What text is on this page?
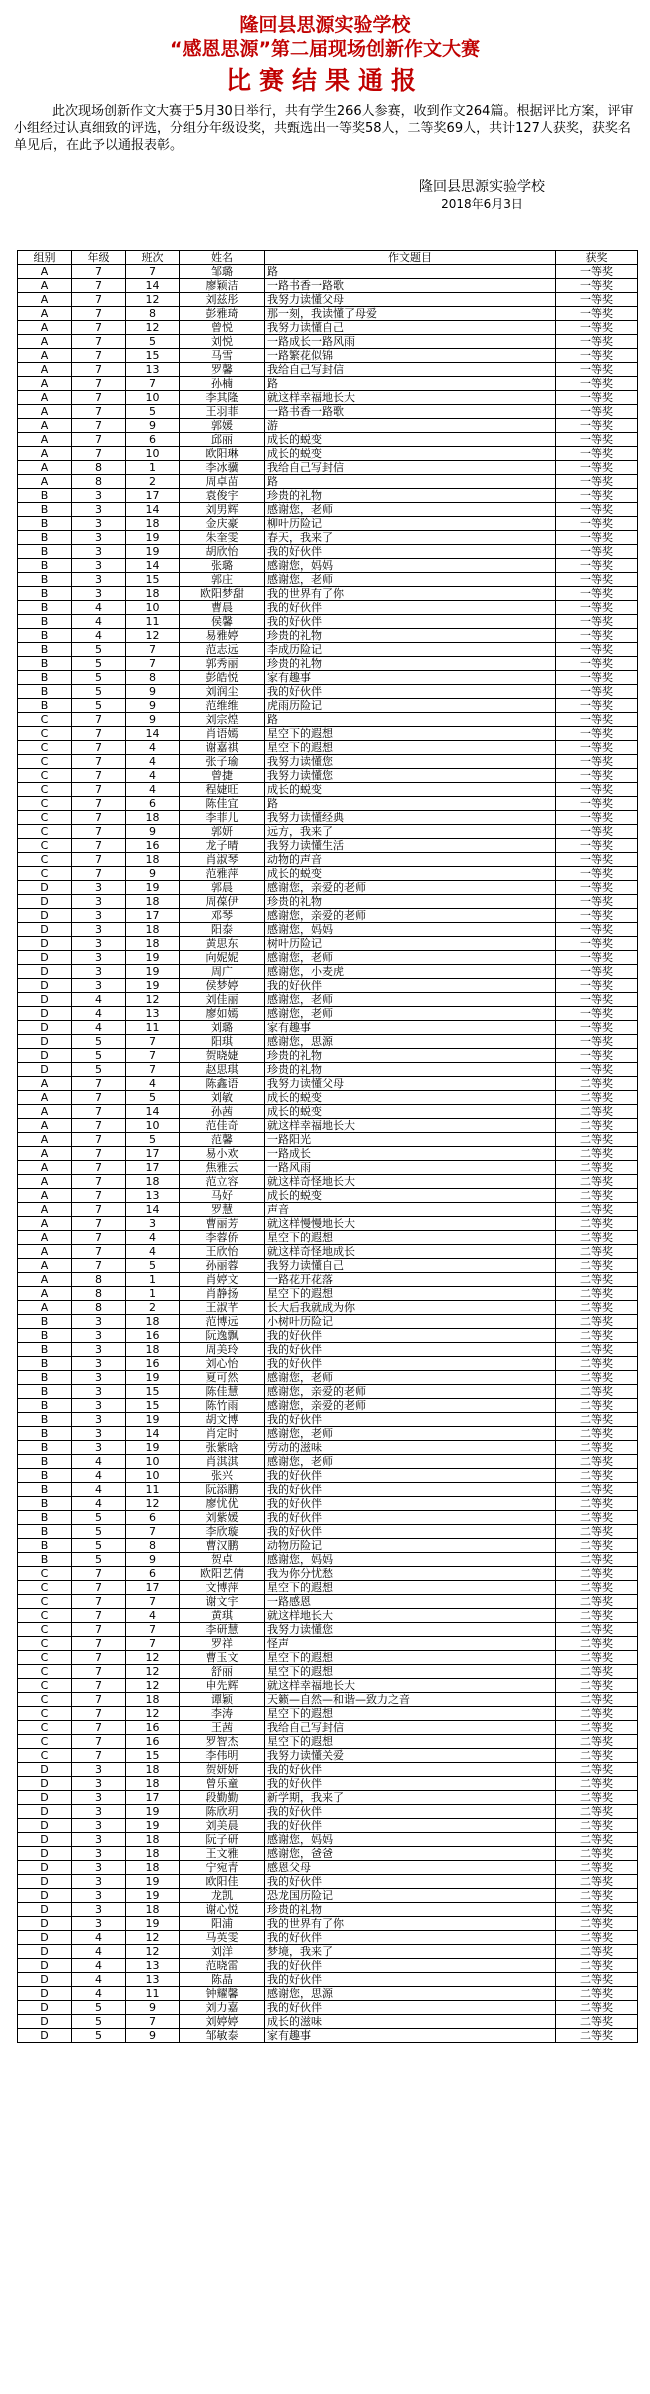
隆回县思源实验学校
“感恩思源”第二届现场创新作文大赛
比赛结果通报
此次现场创新作文大赛于5月30日举行，共有学生266人参赛，收到作文264篇。根据评比方案，评审小组经过认真细致的评选，分组分年级设奖，共甄选出一等奖58人，二等奖69人，共计127人获奖，获奖名单见后，在此予以通报表彰。
隆回县思源实验学校
2018年6月3日
组别	年级	班次	姓名	作文题目	获奖
A	7	7	邹璐	路	一等奖
A	7	14	廖颖洁	一路书香一路歌	一等奖
A	7	12	刘兹彤	我努力读懂父母	一等奖
A	7	8	彭雅琦	那一刻，我读懂了母爱	一等奖
A	7	12	曾悦	我努力读懂自己	一等奖
A	7	5	刘悦	一路成长一路风雨	一等奖
A	7	15	马雪	一路繁花似锦	一等奖
A	7	13	罗馨	我给自己写封信	一等奖
A	7	7	孙楠	路	一等奖
A	7	10	李其隆	就这样幸福地长大	一等奖
A	7	5	王羽菲	一路书香一路歌	一等奖
A	7	9	郭媛	游	一等奖
A	7	6	邱丽	成长的蜕变	一等奖
A	7	10	欧阳琳	成长的蜕变	一等奖
A	8	1	李冰骥	我给自己写封信	一等奖
A	8	2	周卓苗	路	一等奖
B	3	17	袁俊宇	珍贵的礼物	一等奖
B	3	14	刘男辉	感谢您，老师	一等奖
B	3	18	金庆豪	柳叶历险记	一等奖
B	3	19	朱奎雯	春天，我来了	一等奖
B	3	19	胡欣怡	我的好伙伴	一等奖
B	3	14	张璐	感谢您，妈妈	一等奖
B	3	15	郭庄	感谢您，老师	一等奖
B	3	18	欧阳梦甜	我的世界有了你	一等奖
B	4	10	曹晨	我的好伙伴	一等奖
B	4	11	侯馨	我的好伙伴	一等奖
B	4	12	易雅婷	珍贵的礼物	一等奖
B	5	7	范志远	李成历险记	一等奖
B	5	7	郭秀丽	珍贵的礼物	一等奖
B	5	8	彭皓悦	家有趣事	一等奖
B	5	9	刘润尘	我的好伙伴	一等奖
B	5	9	范维维	虎雨历险记	一等奖
C	7	9	刘宗煌	路	一等奖
C	7	14	肖语嫣	星空下的遐想	一等奖
C	7	4	谢嘉祺	星空下的遐想	一等奖
C	7	4	张子瑜	我努力读懂您	一等奖
C	7	4	曾捷	我努力读懂您	一等奖
C	7	4	程婕旺	成长的蜕变	一等奖
C	7	6	陈佳宜	路	一等奖
C	7	18	李菲儿	我努力读懂经典	一等奖
C	7	9	郭妍	远方，我来了	一等奖
C	7	16	龙子晴	我努力读懂生活	一等奖
C	7	18	肖淑琴	动物的声音	一等奖
C	7	9	范雅萍	成长的蜕变	一等奖
D	3	19	郭晨	感谢您，亲爱的老师	一等奖
D	3	18	周葆伊	珍贵的礼物	一等奖
D	3	17	邓琴	感谢您，亲爱的老师	一等奖
D	3	18	阳泰	感谢您，妈妈	一等奖
D	3	18	黄思东	树叶历险记	一等奖
D	3	19	向妮妮	感谢您，老师	一等奖
D	3	19	周广	感谢您，小麦虎	一等奖
D	3	19	侯梦婷	我的好伙伴	一等奖
D	4	12	刘佳丽	感谢您，老师	一等奖
D	4	13	廖如嫣	感谢您，老师	一等奖
D	4	11	刘璐	家有趣事	一等奖
D	5	7	阳琪	感谢您，思源	一等奖
D	5	7	贺晓婕	珍贵的礼物	一等奖
D	5	7	赵思琪	珍贵的礼物	一等奖
A	7	4	陈鑫语	我努力读懂父母	二等奖
A	7	5	刘敏	成长的蜕变	二等奖
A	7	14	孙茜	成长的蜕变	二等奖
A	7	10	范佳奇	就这样幸福地长大	二等奖
A	7	5	范馨	一路阳光	二等奖
A	7	17	易小欢	一路成长	二等奖
A	7	17	焦雅云	一路风雨	二等奖
A	7	18	范立容	就这样奇怪地长大	二等奖
A	7	13	马好	成长的蜕变	二等奖
A	7	14	罗慧	声音	二等奖
A	7	3	曹丽芳	就这样慢慢地长大	二等奖
A	7	4	李蓉侨	星空下的遐想	二等奖
A	7	4	王欣怡	就这样奇怪地成长	二等奖
A	7	5	孙丽蓉	我努力读懂自己	二等奖
A	8	1	肖婷文	一路花开花落	二等奖
A	8	1	肖静扬	星空下的遐想	二等奖
A	8	2	王淑芊	长大后我就成为你	二等奖
B	3	18	范博远	小树叶历险记	二等奖
B	3	16	阮逸飘	我的好伙伴	二等奖
B	3	18	周美玲	我的好伙伴	二等奖
B	3	16	刘心怡	我的好伙伴	二等奖
B	3	19	夏可然	感谢您，老师	二等奖
B	3	15	陈佳慧	感谢您，亲爱的老师	二等奖
B	3	15	陈竹雨	感谢您，亲爱的老师	二等奖
B	3	19	胡文博	我的好伙伴	二等奖
B	3	14	肖定时	感谢您，老师	二等奖
B	3	19	张紫晗	劳动的滋味	二等奖
B	4	10	肖淇淇	感谢您，老师	二等奖
B	4	10	张兴	我的好伙伴	二等奖
B	4	11	阮添鹏	我的好伙伴	二等奖
B	4	12	廖忧优	我的好伙伴	二等奖
B	5	6	刘紫媛	我的好伙伴	二等奖
B	5	7	李欣璇	我的好伙伴	二等奖
B	5	8	曹汉鹏	动物历险记	二等奖
B	5	9	贺卓	感谢您，妈妈	二等奖
C	7	6	欧阳艺倩	我为你分忧愁	二等奖
C	7	17	文博萍	星空下的遐想	二等奖
C	7	7	谢文宇	一路感恩	二等奖
C	7	4	黄琪	就这样地长大	二等奖
C	7	7	李研慧	我努力读懂您	二等奖
C	7	7	罗祥	怪声	二等奖
C	7	12	曹玉文	星空下的遐想	二等奖
C	7	12	舒丽	星空下的遐想	二等奖
C	7	12	申先辉	就这样幸福地长大	二等奖
C	7	18	谭颖	天籁—自然—和谐—致力之音	二等奖
C	7	12	李涛	星空下的遐想	二等奖
C	7	16	王茜	我给自己写封信	二等奖
C	7	16	罗智杰	星空下的遐想	二等奖
C	7	15	李伟明	我努力读懂关爱	二等奖
D	3	18	贺妍妍	我的好伙伴	二等奖
D	3	18	曾乐童	我的好伙伴	二等奖
D	3	17	段勤勤	新学期，我来了	二等奖
D	3	19	陈欣玥	我的好伙伴	二等奖
D	3	19	刘美晨	我的好伙伴	二等奖
D	3	18	阮子研	感谢您，妈妈	二等奖
D	3	18	王文雅	感谢您，爸爸	二等奖
D	3	18	宁宛青	感恩父母	二等奖
D	3	19	欧阳佳	我的好伙伴	二等奖
D	3	19	龙凯	恐龙国历险记	二等奖
D	3	18	谢心悦	珍贵的礼物	二等奖
D	3	19	阳浦	我的世界有了你	二等奖
D	4	12	马英雯	我的好伙伴	二等奖
D	4	12	刘洋	梦境，我来了	二等奖
D	4	13	范晓雷	我的好伙伴	二等奖
D	4	13	陈晶	我的好伙伴	二等奖
D	4	11	钟耀馨	感谢您，思源	二等奖
D	5	9	刘力嘉	我的好伙伴	二等奖
D	5	7	刘婷婷	成长的滋味	二等奖
D	5	9	邹敏泰	家有趣事	二等奖
